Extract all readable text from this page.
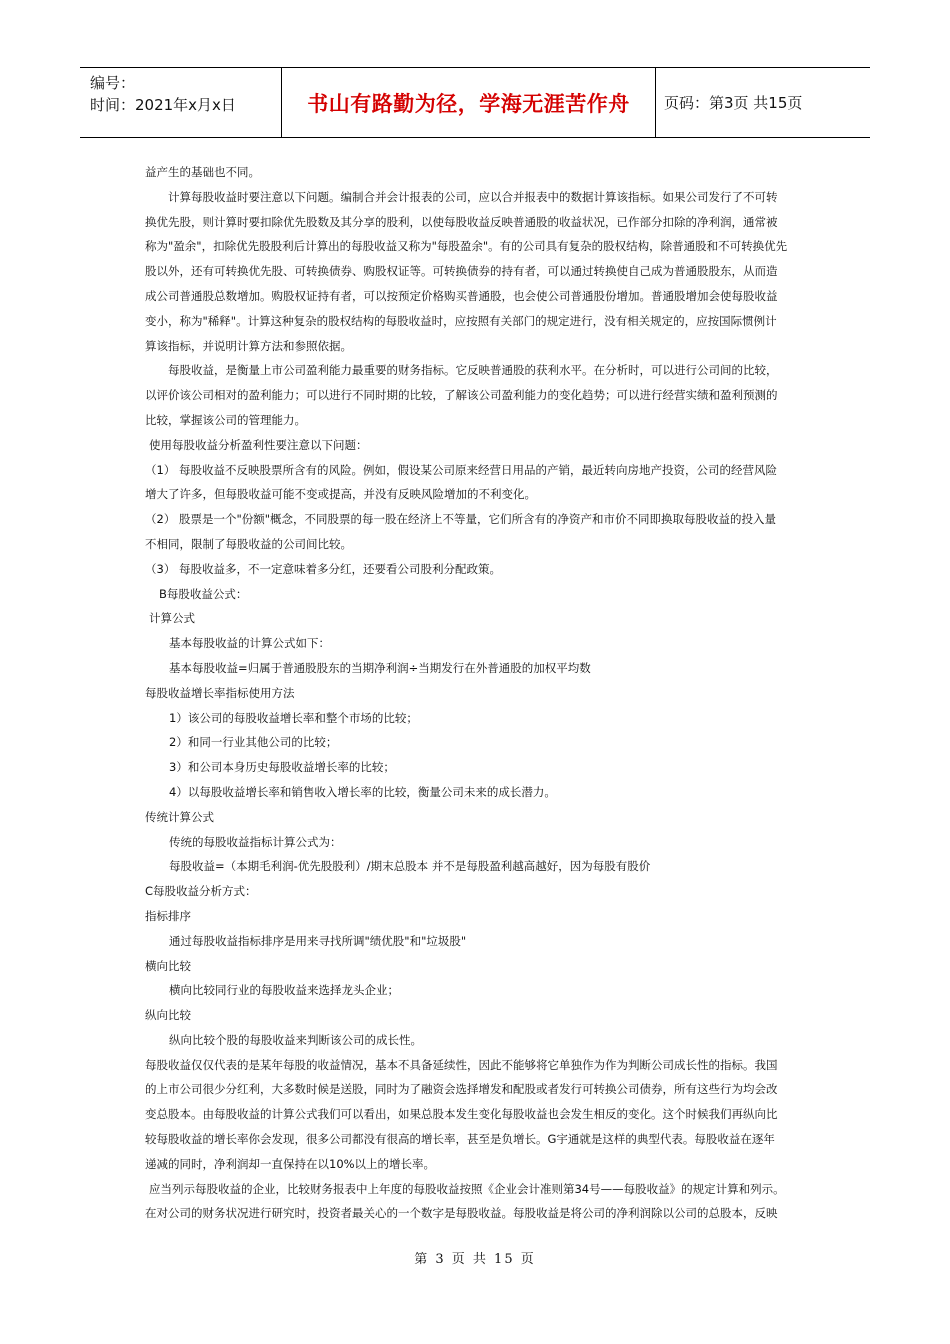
编号：
时间：2021年x月x日	书山有路勤为径，学海无涯苦作舟 页码：第3页 共15页
益产生的基础也不同。
计算每股收益时要注意以下问题。编制合并会计报表的公司，应以合并报表中的数据计算该指标。如果公司发行了不可转
换优先股，则计算时要扣除优先股数及其分享的股利，以使每股收益反映普通股的收益状况，已作部分扣除的净利润，通常被
称为"盈余"，扣除优先股股利后计算出的每股收益又称为"每股盈余"。有的公司具有复杂的股权结构，除普通股和不可转换优先
股以外，还有可转换优先股、可转换债券、购股权证等。可转换债券的持有者，可以通过转换使自己成为普通股股东，从而造
成公司普通股总数增加。购股权证持有者，可以按预定价格购买普通股，也会使公司普通股份增加。普通股增加会使每股收益
变小，称为"稀释"。计算这种复杂的股权结构的每股收益时，应按照有关部门的规定进行，没有相关规定的，应按国际惯例计
算该指标，并说明计算方法和参照依据。
每股收益，是衡量上市公司盈利能力最重要的财务指标。它反映普通股的获利水平。在分析时，可以进行公司间的比较，
以评价该公司相对的盈利能力；可以进行不同时期的比较，了解该公司盈利能力的变化趋势；可以进行经营实绩和盈利预测的
比较，掌握该公司的管理能力。
使用每股收益分析盈利性要注意以下问题：
（1） 每股收益不反映股票所含有的风险。例如，假设某公司原来经营日用品的产销，最近转向房地产投资，公司的经营风险
增大了许多，但每股收益可能不变或提高，并没有反映风险增加的不利变化。
（2） 股票是一个"份额"概念，不同股票的每一股在经济上不等量，它们所含有的净资产和市价不同即换取每股收益的投入量
不相同，限制了每股收益的公司间比较。
（3） 每股收益多，不一定意味着多分红，还要看公司股利分配政策。
B每股收益公式：
计算公式
基本每股收益的计算公式如下：
基本每股收益=归属于普通股股东的当期净利润÷当期发行在外普通股的加权平均数
每股收益增长率指标使用方法
1）该公司的每股收益增长率和整个市场的比较；
2）和同一行业其他公司的比较；
3）和公司本身历史每股收益增长率的比较；
4）以每股收益增长率和销售收入增长率的比较，衡量公司未来的成长潜力。
传统计算公式
传统的每股收益指标计算公式为：
每股收益=（本期毛利润-优先股股利）/期末总股本 并不是每股盈利越高越好，因为每股有股价
C每股收益分析方式：
指标排序
通过每股收益指标排序是用来寻找所调"绩优股"和"垃圾股"
横向比较
横向比较同行业的每股收益来选择龙头企业；
纵向比较
纵向比较个股的每股收益来判断该公司的成长性。
每股收益仅仅代表的是某年每股的收益情况，基本不具备延续性，因此不能够将它单独作为作为判断公司成长性的指标。我国
的上市公司很少分红利，大多数时候是送股，同时为了融资会选择增发和配股或者发行可转换公司债券，所有这些行为均会改
变总股本。由每股收益的计算公式我们可以看出，如果总股本发生变化每股收益也会发生相反的变化。这个时候我们再纵向比
较每股收益的增长率你会发现，很多公司都没有很高的增长率，甚至是负增长。G宇通就是这样的典型代表。每股收益在逐年
递减的同时，净利润却一直保持在以10%以上的增长率。
应当列示每股收益的企业，比较财务报表中上年度的每股收益按照《企业会计准则第34号——每股收益》的规定计算和列示。
在对公司的财务状况进行研究时，投资者最关心的一个数字是每股收益。每股收益是将公司的净利润除以公司的总股本，反映
第 3 页 共 15 页
